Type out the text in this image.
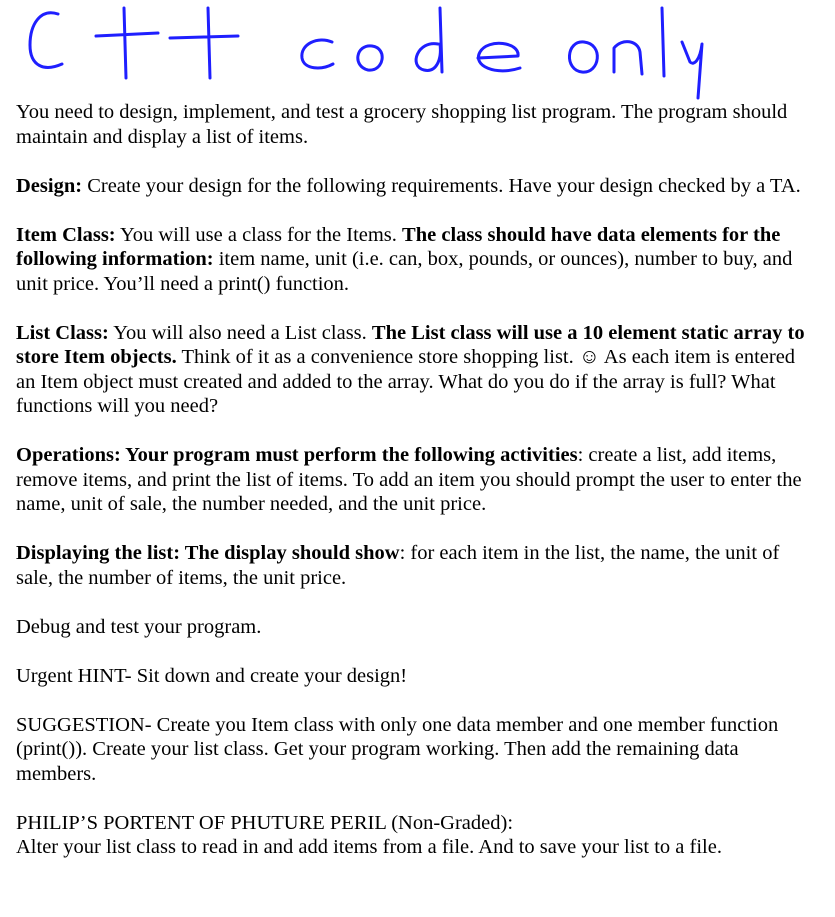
You need to design, implement, and test a grocery shopping list program. The program should maintain and display a list of items.

Design: Create your design for the following requirements. Have your design checked by a TA.

Item Class: You will use a class for the Items. The class should have data elements for the following information: item name, unit (i.e. can, box, pounds, or ounces), number to buy, and unit price. You’ll need a print() function.

List Class: You will also need a List class. The List class will use a 10 element static array to store Item objects. Think of it as a convenience store shopping list. ☺ As each item is entered an Item object must created and added to the array. What do you do if the array is full? What functions will you need?

Operations: Your program must perform the following activities: create a list, add items, remove items, and print the list of items. To add an item you should prompt the user to enter the name, unit of sale, the number needed, and the unit price.

Displaying the list: The display should show: for each item in the list, the name, the unit of sale, the number of items, the unit price.

Debug and test your program.

Urgent HINT- Sit down and create your design!

SUGGESTION- Create you Item class with only one data member and one member function (print()). Create your list class. Get your program working. Then add the remaining data members.

PHILIP’S PORTENT OF PHUTURE PERIL (Non-Graded):
Alter your list class to read in and add items from a file. And to save your list to a file.
